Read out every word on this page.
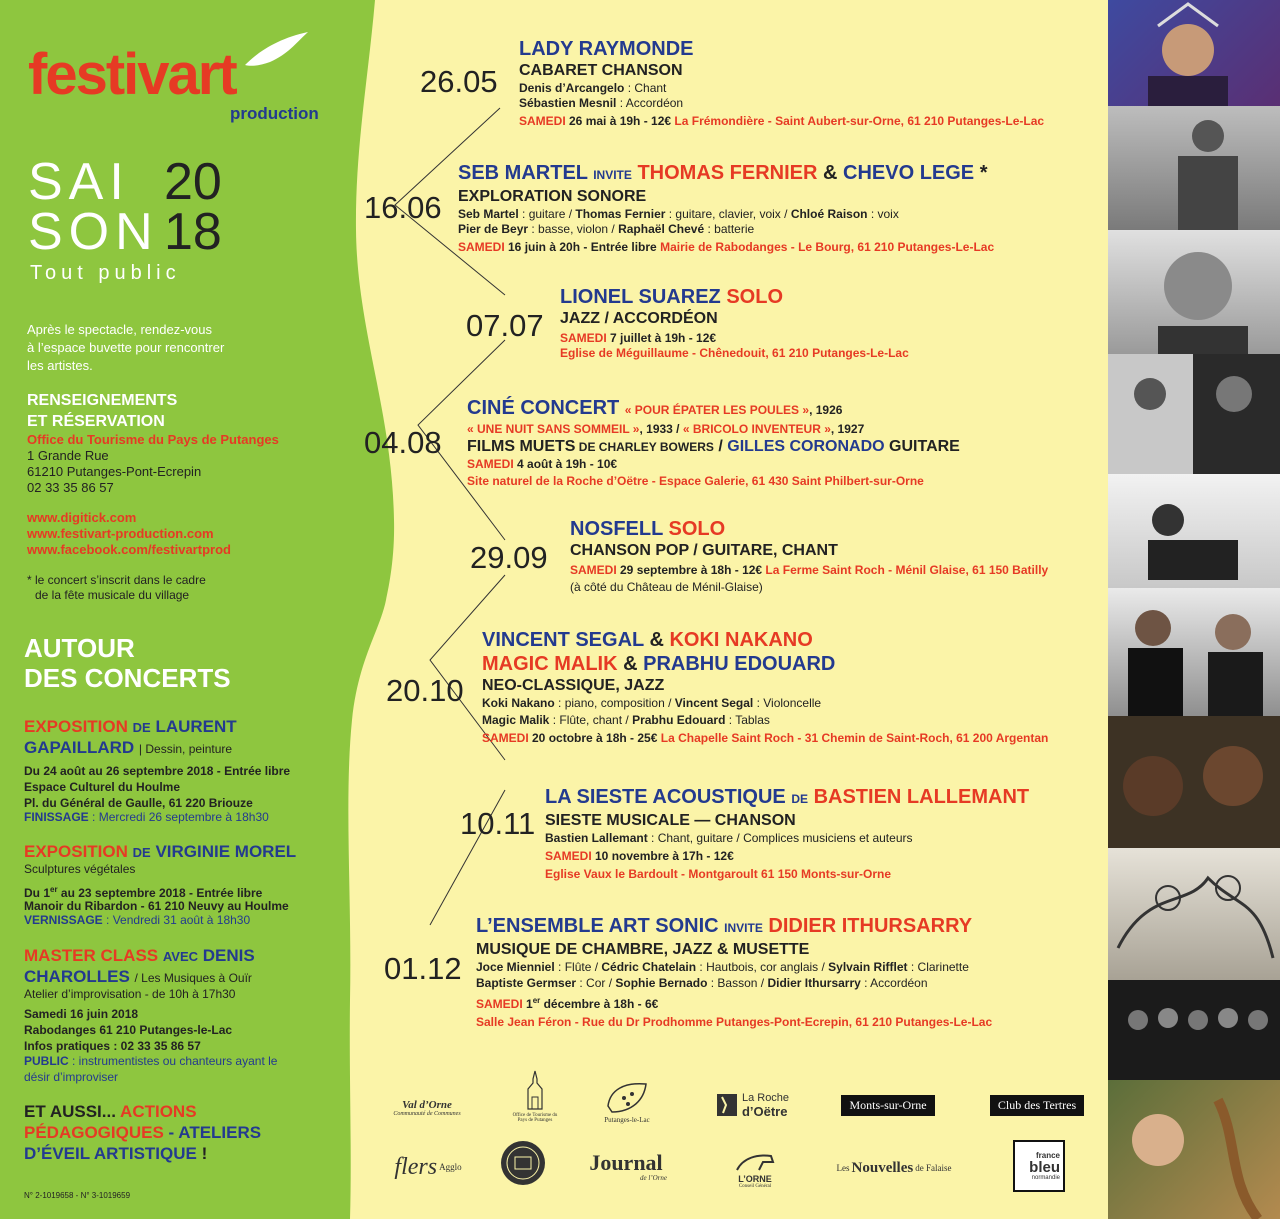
festivart
production
SAI
SON
20
18
Tout public
Après le spectacle, rendez-vous
à l’espace buvette pour rencontrer
les artistes.
RENSEIGNEMENTS
ET RÉSERVATION
Office du Tourisme du Pays de Putanges
1 Grande Rue
61210 Putanges-Pont-Ecrepin
02 33 35 86 57
www.digitick.com
www.festivart-production.com
www.facebook.com/festivartprod
* le concert s’inscrit dans le cadre
de la fête musicale du village
AUTOUR
DES CONCERTS
EXPOSITION DE LAURENT
GAPAILLARD | Dessin, peinture
Du 24 août au 26 septembre 2018 - Entrée libre
Espace Culturel du Houlme
Pl. du Général de Gaulle, 61 220 Briouze
FINISSAGE : Mercredi 26 septembre à 18h30
EXPOSITION DE VIRGINIE MOREL
Sculptures végétales
Du 1er au 23 septembre 2018 - Entrée libre
Manoir du Ribardon - 61 210 Neuvy au Houlme
VERNISSAGE : Vendredi 31 août à 18h30
MASTER CLASS AVEC DENIS
CHAROLLES / Les Musiques à Ouïr
Atelier d’improvisation - de 10h à 17h30
Samedi 16 juin 2018
Rabodanges 61 210 Putanges-le-Lac
Infos pratiques : 02 33 35 86 57
PUBLIC : instrumentistes ou chanteurs ayant le
désir d’improviser
ET AUSSI... ACTIONS
PÉDAGOGIQUES - ATELIERS
D’ÉVEIL ARTISTIQUE !
N° 2-1019658 - N° 3-1019659
26.05
LADY RAYMONDE
CABARET CHANSON
Denis d’Arcangelo : Chant
Sébastien Mesnil : Accordéon
SAMEDI 26 mai à 19h - 12€ La Frémondière - Saint Aubert-sur-Orne, 61 210 Putanges-Le-Lac
16.06
SEB MARTEL INVITE THOMAS FERNIER & CHEVO LEGE *
EXPLORATION SONORE
Seb Martel : guitare / Thomas Fernier : guitare, clavier, voix / Chloé Raison : voix
Pier de Beyr : basse, violon / Raphaël Chevé : batterie
SAMEDI 16 juin à 20h - Entrée libre Mairie de Rabodanges - Le Bourg, 61 210 Putanges-Le-Lac
07.07
LIONEL SUAREZ SOLO
JAZZ / ACCORDÉON
SAMEDI 7 juillet à 19h - 12€
Eglise de Méguillaume - Chênedouit, 61 210 Putanges-Le-Lac
04.08
CINÉ CONCERT « POUR ÉPATER LES POULES », 1926
« UNE NUIT SANS SOMMEIL », 1933 / « BRICOLO INVENTEUR », 1927
FILMS MUETS DE CHARLEY BOWERS / GILLES CORONADO GUITARE
SAMEDI 4 août à 19h - 10€
Site naturel de la Roche d’Oëtre - Espace Galerie, 61 430 Saint Philbert-sur-Orne
29.09
NOSFELL SOLO
CHANSON POP / GUITARE, CHANT
SAMEDI 29 septembre à 18h - 12€ La Ferme Saint Roch - Ménil Glaise, 61 150 Batilly
(à côté du Château de Ménil-Glaise)
20.10
VINCENT SEGAL & KOKI NAKANO
MAGIC MALIK & PRABHU EDOUARD
NEO-CLASSIQUE, JAZZ
Koki Nakano : piano, composition / Vincent Segal : Violoncelle
Magic Malik : Flûte, chant / Prabhu Edouard : Tablas
SAMEDI 20 octobre à 18h - 25€ La Chapelle Saint Roch - 31 Chemin de Saint-Roch, 61 200 Argentan
10.11
LA SIESTE ACOUSTIQUE DE BASTIEN LALLEMANT
SIESTE MUSICALE — CHANSON
Bastien Lallemant : Chant, guitare / Complices musiciens et auteurs
SAMEDI 10 novembre à 17h - 12€
Eglise Vaux le Bardoult - Montgaroult 61 150 Monts-sur-Orne
01.12
L’ENSEMBLE ART SONIC INVITE DIDIER ITHURSARRY
MUSIQUE DE CHAMBRE, JAZZ & MUSETTE
Joce Mienniel : Flûte / Cédric Chatelain : Hautbois, cor anglais / Sylvain Rifflet : Clarinette
Baptiste Germser : Cor / Sophie Bernado : Basson / Didier Ithursarry : Accordéon
SAMEDI 1er décembre à 18h - 6€
Salle Jean Féron - Rue du Dr Prodhomme Putanges-Pont-Ecrepin, 61 210 Putanges-Le-Lac
Val d’Orne
Communauté de Communes	Office de Tourisme du Pays de Putanges	Putanges-le-Lac
La Roche
d’Oëtre	Monts-sur-Orne	Club des Tertres
flers Agglo	Journal
de l’Orne	L’ORNE
Conseil Général
Les Nouvelles de Falaise
france
bleu
normandie
